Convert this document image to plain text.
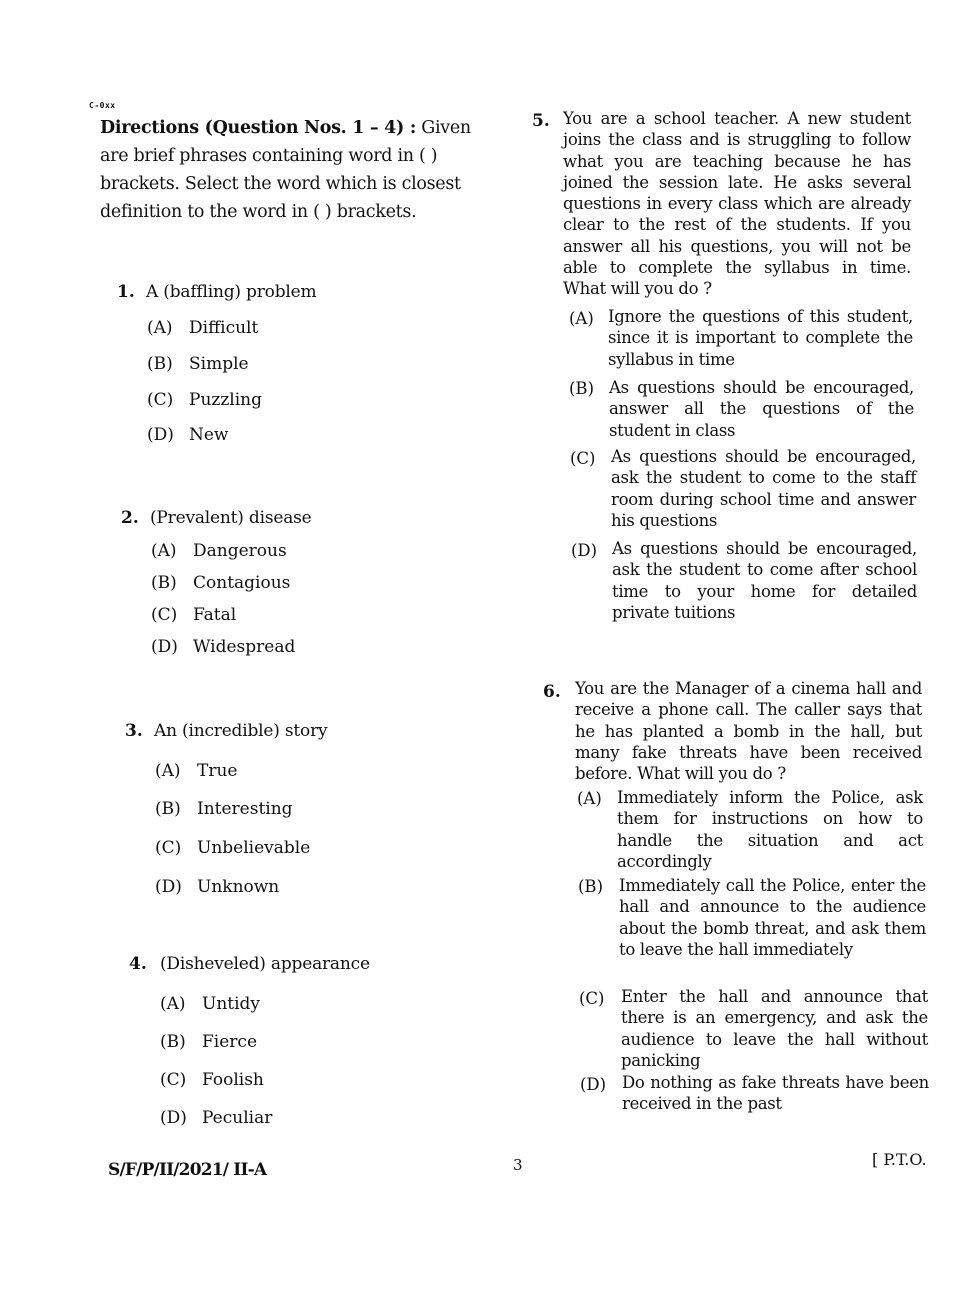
C-0xx
Directions (Question Nos. 1 – 4) : Given are brief phrases containing word in ( ) brackets. Select the word which is closest definition to the word in ( ) brackets.
1. A (baffling) problem
(A) Difficult
(B) Simple
(C) Puzzling
(D) New
2. (Prevalent) disease
(A) Dangerous
(B) Contagious
(C) Fatal
(D) Widespread
3. An (incredible) story
(A) True
(B) Interesting
(C) Unbelievable
(D) Unknown
4. (Disheveled) appearance
(A) Untidy
(B) Fierce
(C) Foolish
(D) Peculiar
5. You are a school teacher. A new student joins the class and is struggling to follow what you are teaching because he has joined the session late. He asks several questions in every class which are already clear to the rest of the students. If you answer all his questions, you will not be able to complete the syllabus in time. What will you do ?
(A) Ignore the questions of this student, since it is important to complete the syllabus in time
(B) As questions should be encouraged, answer all the questions of the student in class
(C) As questions should be encouraged, ask the student to come to the staff room during school time and answer his questions
(D) As questions should be encouraged, ask the student to come after school time to your home for detailed private tuitions
6. You are the Manager of a cinema hall and receive a phone call. The caller says that he has planted a bomb in the hall, but many fake threats have been received before. What will you do ?
(A) Immediately inform the Police, ask them for instructions on how to handle the situation and act accordingly
(B) Immediately call the Police, enter the hall and announce to the audience about the bomb threat, and ask them to leave the hall immediately
(C) Enter the hall and announce that there is an emergency, and ask the audience to leave the hall without panicking
(D) Do nothing as fake threats have been received in the past
S/F/P/II/2021/ II-A	3	[ P.T.O.
